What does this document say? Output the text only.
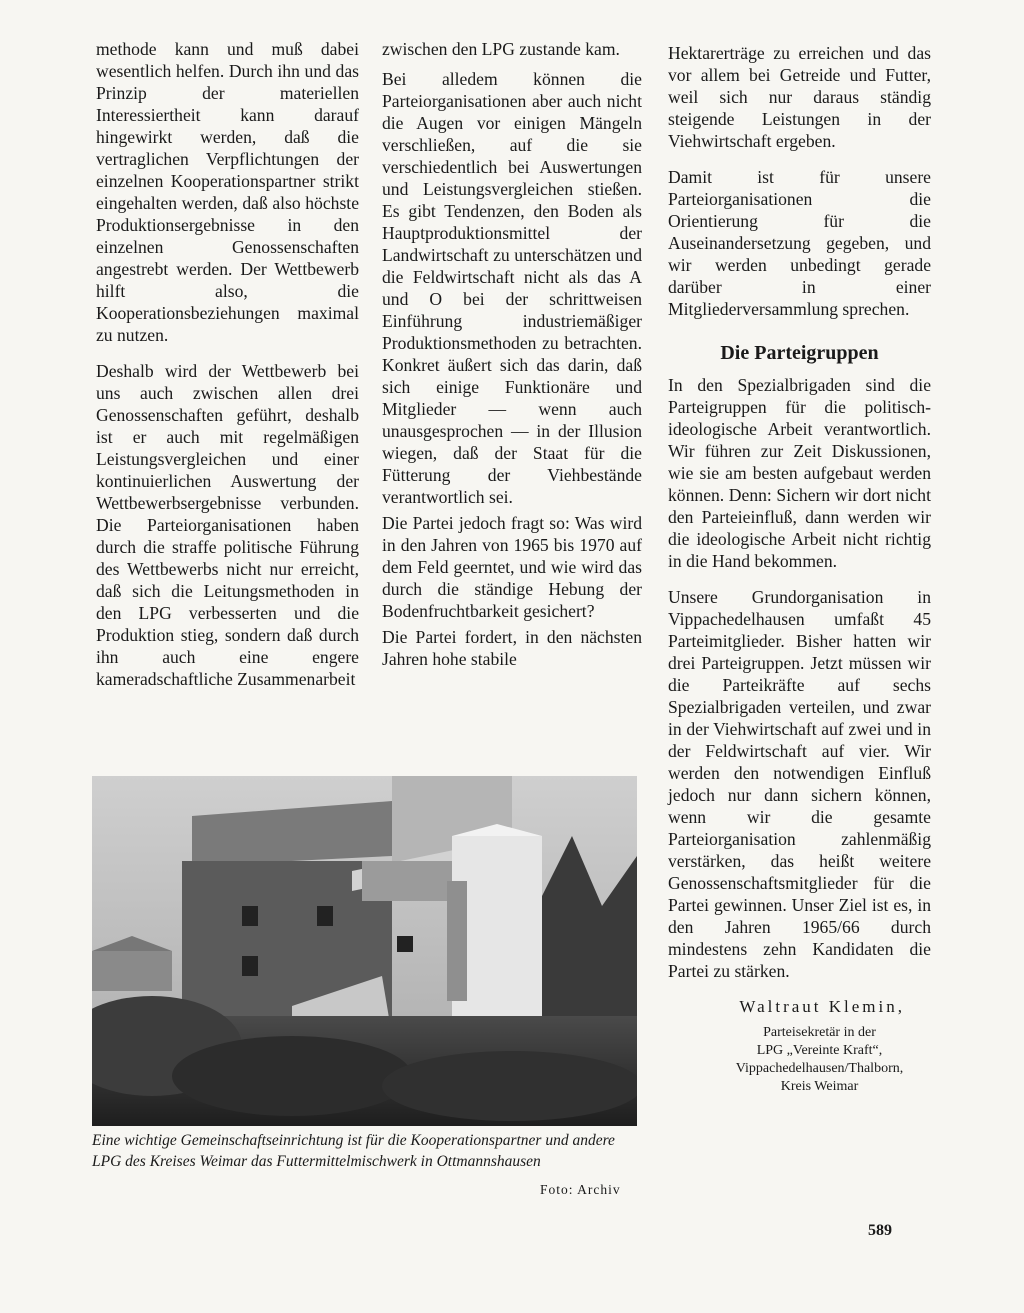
methode kann und muß dabei wesentlich helfen. Durch ihn und das Prinzip der materiellen Interessiertheit kann darauf hingewirkt werden, daß die vertraglichen Verpflichtungen der einzelnen Kooperationspartner strikt eingehalten werden, daß also höchste Produktionsergebnisse in den einzelnen Genossenschaften angestrebt werden. Der Wettbewerb hilft also, die Kooperationsbeziehungen maximal zu nutzen.

Deshalb wird der Wettbewerb bei uns auch zwischen allen drei Genossenschaften geführt, deshalb ist er auch mit regelmäßigen Leistungsvergleichen und einer kontinuierlichen Auswertung der Wettbewerbsergebnisse verbunden. Die Parteiorganisationen haben durch die straffe politische Führung des Wettbewerbs nicht nur erreicht, daß sich die Leitungsmethoden in den LPG verbesserten und die Produktion stieg, sondern daß durch ihn auch eine engere kameradschaftliche Zusammenarbeit

zwischen den LPG zustande kam.

Bei alledem können die Parteiorganisationen aber auch nicht die Augen vor einigen Mängeln verschließen, auf die sie verschiedentlich bei Auswertungen und Leistungsvergleichen stießen. Es gibt Tendenzen, den Boden als Hauptproduktionsmittel der Landwirtschaft zu unterschätzen und die Feldwirtschaft nicht als das A und O bei der schrittweisen Einführung industriemäßiger Produktionsmethoden zu betrachten. Konkret äußert sich das darin, daß sich einige Funktionäre und Mitglieder — wenn auch unausgesprochen — in der Illusion wiegen, daß der Staat für die Fütterung der Viehbestände verantwortlich sei.

Die Partei jedoch fragt so: Was wird in den Jahren von 1965 bis 1970 auf dem Feld geerntet, und wie wird das durch die ständige Hebung der Bodenfruchtbarkeit gesichert?

Die Partei fordert, in den nächsten Jahren hohe stabile

Hektarerträge zu erreichen und das vor allem bei Getreide und Futter, weil sich nur daraus ständig steigende Leistungen in der Viehwirtschaft ergeben.

Damit ist für unsere Parteiorganisationen die Orientierung für die Auseinandersetzung gegeben, und wir werden unbedingt gerade darüber in einer Mitgliederversammlung sprechen.

Die Parteigruppen

In den Spezialbrigaden sind die Parteigruppen für die politisch-ideologische Arbeit verantwortlich. Wir führen zur Zeit Diskussionen, wie sie am besten aufgebaut werden können. Denn: Sichern wir dort nicht den Parteieinfluß, dann werden wir die ideologische Arbeit nicht richtig in die Hand bekommen.

Unsere Grundorganisation in Vippachedelhausen umfaßt 45 Parteimitglieder. Bisher hatten wir drei Parteigruppen. Jetzt müssen wir die Parteikräfte auf sechs Spezialbrigaden verteilen, und zwar in der Viehwirtschaft auf zwei und in der Feldwirtschaft auf vier. Wir werden den notwendigen Einfluß jedoch nur dann sichern können, wenn wir die gesamte Parteiorganisation zahlenmäßig verstärken, das heißt weitere Genossenschaftsmitglieder für die Partei gewinnen. Unser Ziel ist es, in den Jahren 1965/66 durch mindestens zehn Kandidaten die Partei zu stärken.

Waltraut Klemin,
Parteisekretär in der
LPG „Vereinte Kraft“,
Vippachedelhausen/Thalborn,
Kreis Weimar
Eine wichtige Gemeinschaftseinrichtung ist für die Kooperationspartner und andere LPG des Kreises Weimar das Futtermittelmischwerk in Ottmannshausen
Foto: Archiv
589
